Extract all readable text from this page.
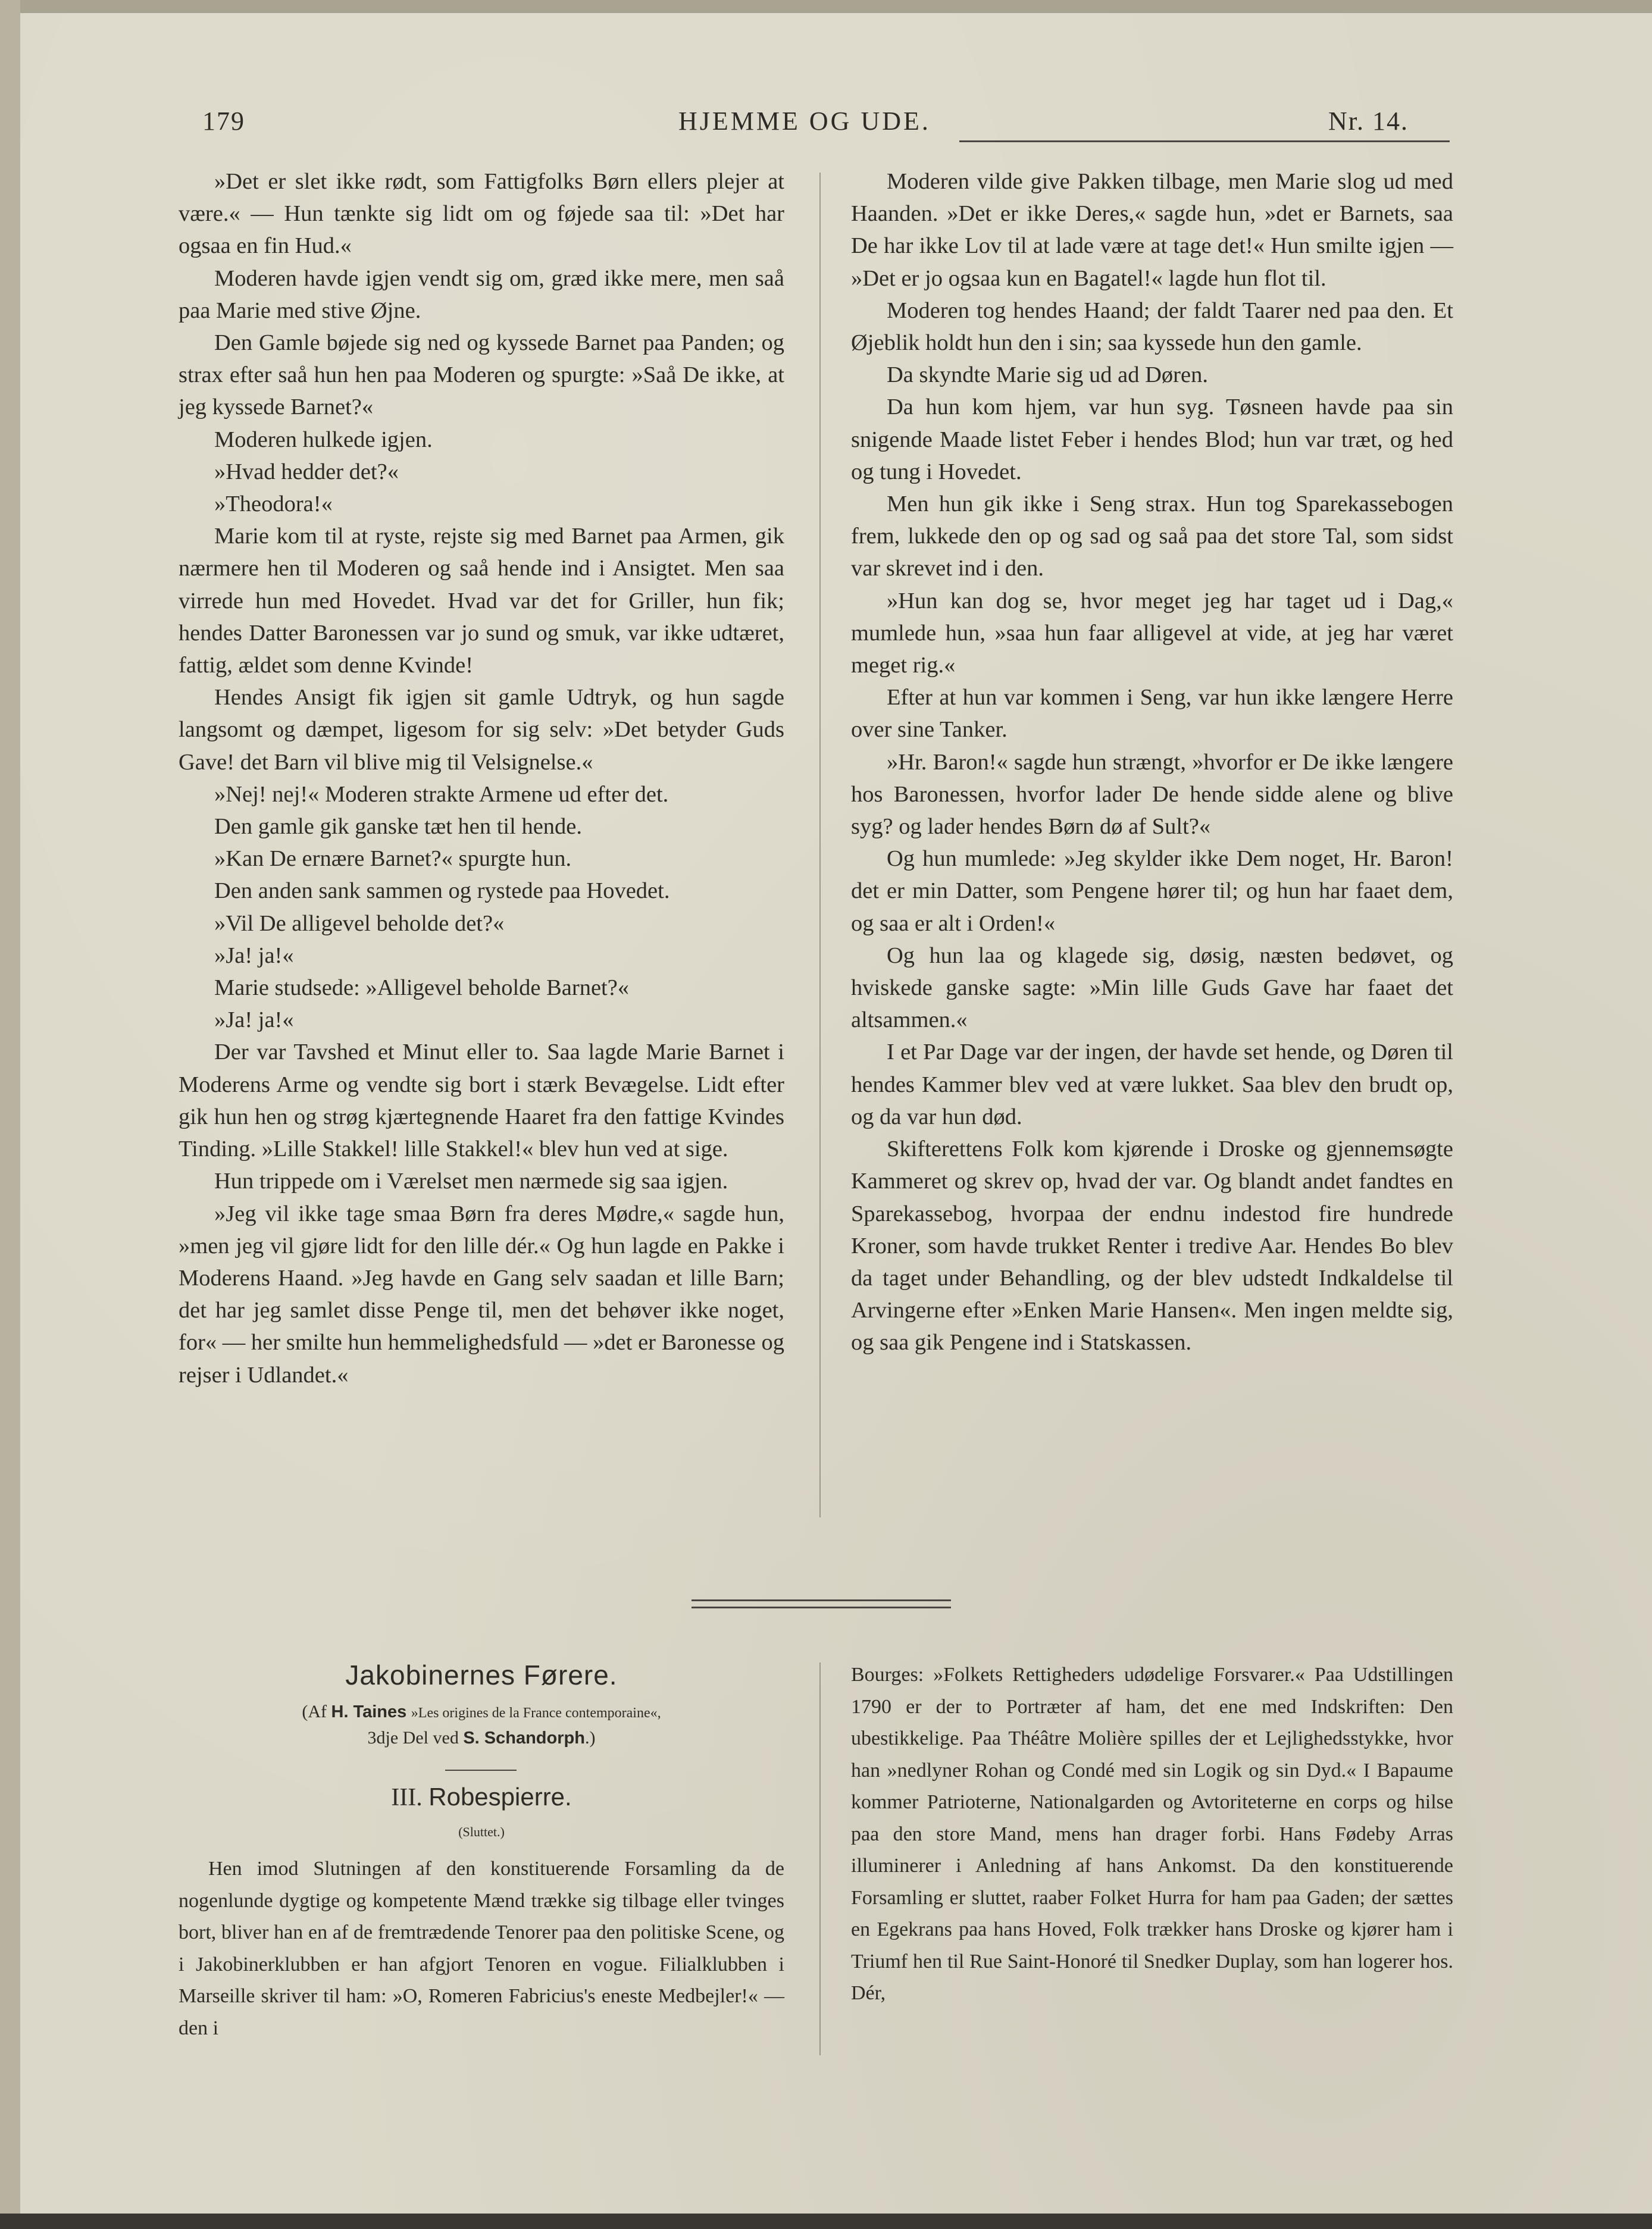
179	HJEMME OG UDE.	Nr. 14.

»Det er slet ikke rødt, som Fattigfolks Børn ellers plejer at være.« — Hun tænkte sig lidt om og føjede saa til: »Det har ogsaa en fin Hud.«

Moderen havde igjen vendt sig om, græd ikke mere, men saå paa Marie med stive Øjne.

Den Gamle bøjede sig ned og kyssede Barnet paa Panden; og strax efter saå hun hen paa Moderen og spurgte: »Saå De ikke, at jeg kyssede Barnet?«

Moderen hulkede igjen.

»Hvad hedder det?«

»Theodora!«

Marie kom til at ryste, rejste sig med Barnet paa Armen, gik nærmere hen til Moderen og saå hende ind i Ansigtet. Men saa virrede hun med Hovedet. Hvad var det for Griller, hun fik; hendes Datter Baronessen var jo sund og smuk, var ikke udtæret, fattig, ældet som denne Kvinde!

Hendes Ansigt fik igjen sit gamle Udtryk, og hun sagde langsomt og dæmpet, ligesom for sig selv: »Det betyder Guds Gave! det Barn vil blive mig til Velsignelse.«

»Nej! nej!« Moderen strakte Armene ud efter det.

Den gamle gik ganske tæt hen til hende.

»Kan De ernære Barnet?« spurgte hun.

Den anden sank sammen og rystede paa Hovedet.

»Vil De alligevel beholde det?«

»Ja! ja!«

Marie studsede: »Alligevel beholde Barnet?«

»Ja! ja!«

Der var Tavshed et Minut eller to. Saa lagde Marie Barnet i Moderens Arme og vendte sig bort i stærk Bevægelse. Lidt efter gik hun hen og strøg kjærtegnende Haaret fra den fattige Kvindes Tinding. »Lille Stakkel! lille Stakkel!« blev hun ved at sige.

Hun trippede om i Værelset men nærmede sig saa igjen.

»Jeg vil ikke tage smaa Børn fra deres Mødre,« sagde hun, »men jeg vil gjøre lidt for den lille dér.« Og hun lagde en Pakke i Moderens Haand. »Jeg havde en Gang selv saadan et lille Barn; det har jeg samlet disse Penge til, men det behøver ikke noget, for« — her smilte hun hemmelighedsfuld — »det er Baronesse og rejser i Udlandet.«

Moderen vilde give Pakken tilbage, men Marie slog ud med Haanden. »Det er ikke Deres,« sagde hun, »det er Barnets, saa De har ikke Lov til at lade være at tage det!« Hun smilte igjen — »Det er jo ogsaa kun en Bagatel!« lagde hun flot til.

Moderen tog hendes Haand; der faldt Taarer ned paa den. Et Øjeblik holdt hun den i sin; saa kyssede hun den gamle.

Da skyndte Marie sig ud ad Døren.

Da hun kom hjem, var hun syg. Tøsneen havde paa sin snigende Maade listet Feber i hendes Blod; hun var træt, og hed og tung i Hovedet.

Men hun gik ikke i Seng strax. Hun tog Sparekassebogen frem, lukkede den op og sad og saå paa det store Tal, som sidst var skrevet ind i den.

»Hun kan dog se, hvor meget jeg har taget ud i Dag,« mumlede hun, »saa hun faar alligevel at vide, at jeg har været meget rig.«

Efter at hun var kommen i Seng, var hun ikke længere Herre over sine Tanker.

»Hr. Baron!« sagde hun strængt, »hvorfor er De ikke længere hos Baronessen, hvorfor lader De hende sidde alene og blive syg? og lader hendes Børn dø af Sult?«

Og hun mumlede: »Jeg skylder ikke Dem noget, Hr. Baron! det er min Datter, som Pengene hører til; og hun har faaet dem, og saa er alt i Orden!«

Og hun laa og klagede sig, døsig, næsten bedøvet, og hviskede ganske sagte: »Min lille Guds Gave har faaet det altsammen.«

I et Par Dage var der ingen, der havde set hende, og Døren til hendes Kammer blev ved at være lukket. Saa blev den brudt op, og da var hun død.

Skifterettens Folk kom kjørende i Droske og gjennemsøgte Kammeret og skrev op, hvad der var. Og blandt andet fandtes en Sparekassebog, hvorpaa der endnu indestod fire hundrede Kroner, som havde trukket Renter i tredive Aar. Hendes Bo blev da taget under Behandling, og der blev udstedt Indkaldelse til Arvingerne efter »Enken Marie Hansen«. Men ingen meldte sig, og saa gik Pengene ind i Statskassen.

Jakobinernes Førere.
(Af H. Taines »Les origines de la France contemporaine«,
3dje Del ved S. Schandorph.)
III. Robespierre.
(Sluttet.)

Hen imod Slutningen af den konstituerende Forsamling da de nogenlunde dygtige og kompetente Mænd trække sig tilbage eller tvinges bort, bliver han en af de fremtrædende Tenorer paa den politiske Scene, og i Jakobinerklubben er han afgjort Tenoren en vogue. Filialklubben i Marseille skriver til ham: »O, Romeren Fabricius's eneste Medbejler!« — den i

Bourges: »Folkets Rettigheders udødelige Forsvarer.« Paa Udstillingen 1790 er der to Portræter af ham, det ene med Indskriften: Den ubestikkelige. Paa Théâtre Molière spilles der et Lejlighedsstykke, hvor han »nedlyner Rohan og Condé med sin Logik og sin Dyd.« I Bapaume kommer Patrioterne, Nationalgarden og Avtoriteterne en corps og hilse paa den store Mand, mens han drager forbi. Hans Fødeby Arras illuminerer i Anledning af hans Ankomst. Da den konstituerende Forsamling er sluttet, raaber Folket Hurra for ham paa Gaden; der sættes en Egekrans paa hans Hoved, Folk trækker hans Droske og kjører ham i Triumf hen til Rue Saint-Honoré til Snedker Duplay, som han logerer hos. Dér,
